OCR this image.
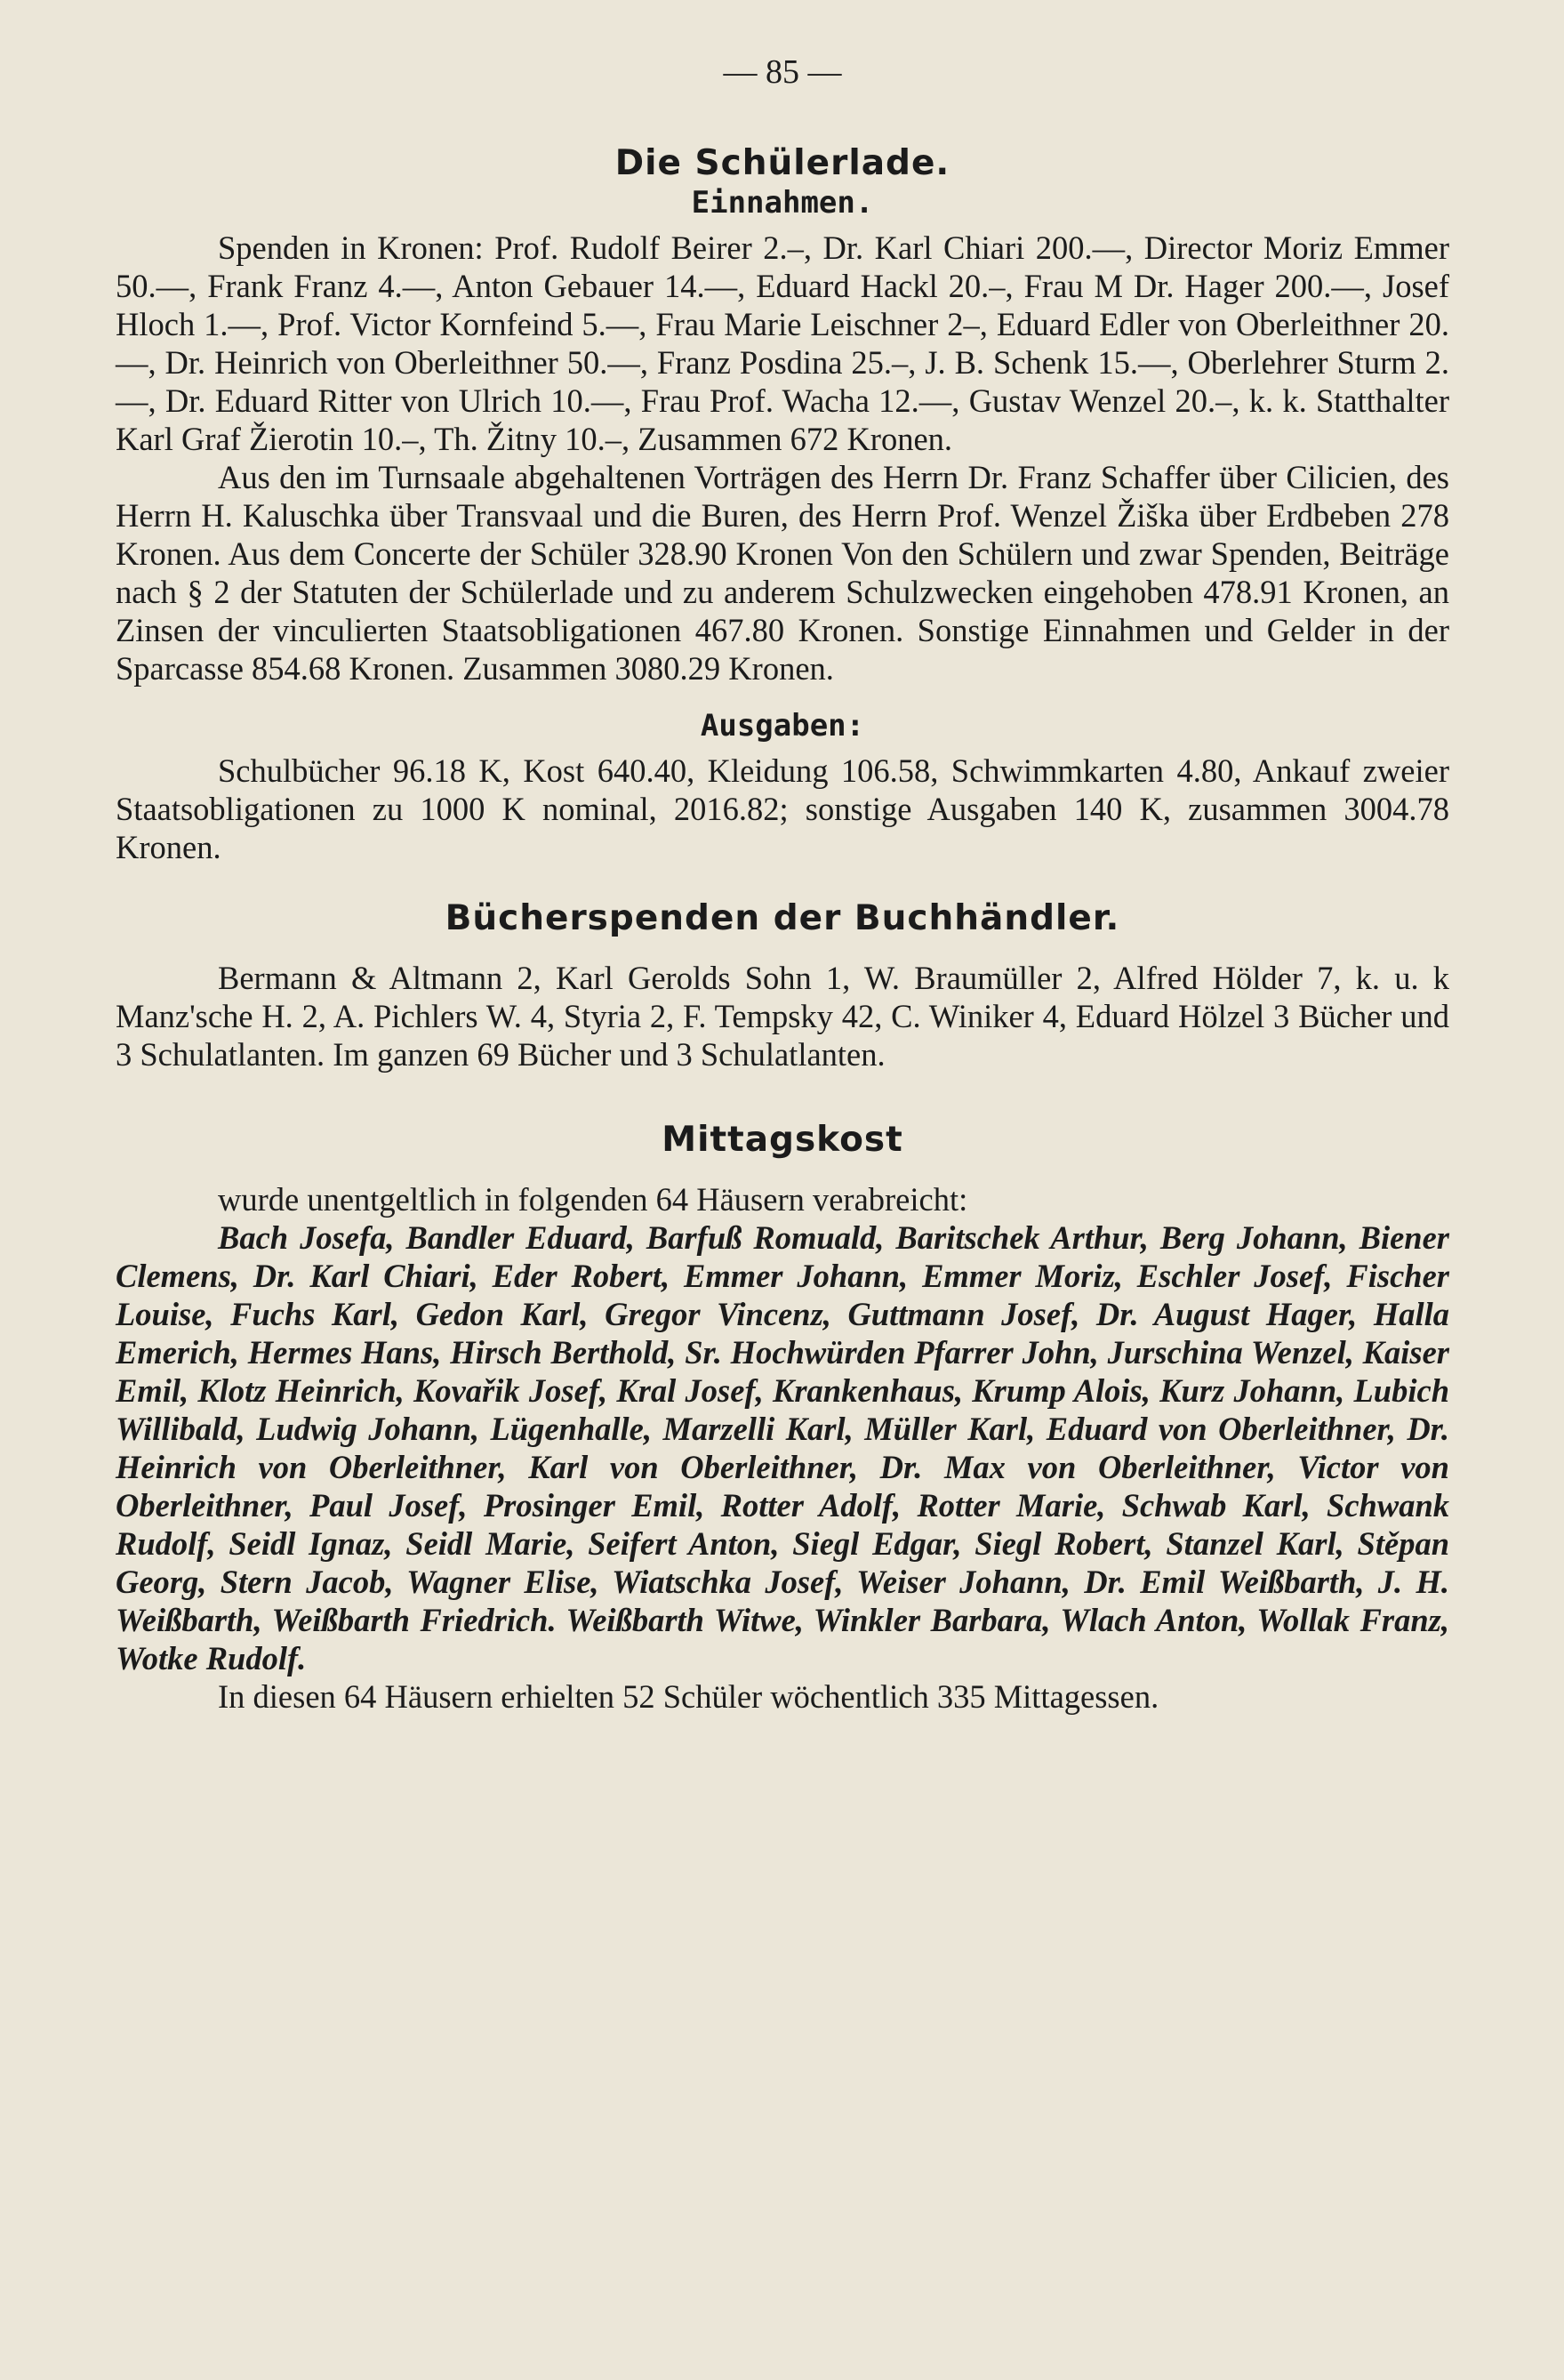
— 85 —
Die Schülerlade.
Einnahmen.

Spenden in Kronen: Prof. Rudolf Beirer 2.–, Dr. Karl Chiari 200.—, Director Moriz Emmer 50.—, Frank Franz 4.—, Anton Gebauer 14.—, Eduard Hackl 20.–, Frau M Dr. Hager 200.—, Josef Hloch 1.—, Prof. Victor Kornfeind 5.—, Frau Marie Leischner 2–, Eduard Edler von Oberleithner 20.—, Dr. Heinrich von Oberleithner 50.—, Franz Posdina 25.–, J. B. Schenk 15.—, Oberlehrer Sturm 2.—, Dr. Eduard Ritter von Ulrich 10.—, Frau Prof. Wacha 12.—, Gustav Wenzel 20.–, k. k. Statthalter Karl Graf Žierotin 10.–, Th. Žitny 10.–, Zusammen 672 Kronen.

Aus den im Turnsaale abgehaltenen Vorträgen des Herrn Dr. Franz Schaffer über Cilicien, des Herrn H. Kaluschka über Transvaal und die Buren, des Herrn Prof. Wenzel Žiška über Erdbeben 278 Kronen. Aus dem Concerte der Schüler 328.90 Kronen Von den Schülern und zwar Spenden, Beiträge nach § 2 der Statuten der Schülerlade und zu anderem Schulzwecken eingehoben 478.91 Kronen, an Zinsen der vinculierten Staatsobligationen 467.80 Kronen. Sonstige Einnahmen und Gelder in der Sparcasse 854.68 Kronen. Zusammen 3080.29 Kronen.

Ausgaben:

Schulbücher 96.18 K, Kost 640.40, Kleidung 106.58, Schwimmkarten 4.80, Ankauf zweier Staatsobligationen zu 1000 K nominal, 2016.82; sonstige Ausgaben 140 K, zusammen 3004.78 Kronen.

Bücherspenden der Buchhändler.

Bermann & Altmann 2, Karl Gerolds Sohn 1, W. Braumüller 2, Alfred Hölder 7, k. u. k Manz'sche H. 2, A. Pichlers W. 4, Styria 2, F. Tempsky 42, C. Winiker 4, Eduard Hölzel 3 Bücher und 3 Schulatlanten. Im ganzen 69 Bücher und 3 Schulatlanten.

Mittagskost

wurde unentgeltlich in folgenden 64 Häusern verabreicht:

Bach Josefa, Bandler Eduard, Barfuß Romuald, Baritschek Arthur, Berg Johann, Biener Clemens, Dr. Karl Chiari, Eder Robert, Emmer Johann, Emmer Moriz, Eschler Josef, Fischer Louise, Fuchs Karl, Gedon Karl, Gregor Vincenz, Guttmann Josef, Dr. August Hager, Halla Emerich, Hermes Hans, Hirsch Berthold, Sr. Hochwürden Pfarrer John, Jurschina Wenzel, Kaiser Emil, Klotz Heinrich, Kovařik Josef, Kral Josef, Krankenhaus, Krump Alois, Kurz Johann, Lubich Willibald, Ludwig Johann, Lügenhalle, Marzelli Karl, Müller Karl, Eduard von Oberleithner, Dr. Heinrich von Oberleithner, Karl von Oberleithner, Dr. Max von Oberleithner, Victor von Oberleithner, Paul Josef, Prosinger Emil, Rotter Adolf, Rotter Marie, Schwab Karl, Schwank Rudolf, Seidl Ignaz, Seidl Marie, Seifert Anton, Siegl Edgar, Siegl Robert, Stanzel Karl, Stěpan Georg, Stern Jacob, Wagner Elise, Wiatschka Josef, Weiser Johann, Dr. Emil Weißbarth, J. H. Weißbarth, Weißbarth Friedrich. Weißbarth Witwe, Winkler Barbara, Wlach Anton, Wollak Franz, Wotke Rudolf.

In diesen 64 Häusern erhielten 52 Schüler wöchentlich 335 Mittagessen.
